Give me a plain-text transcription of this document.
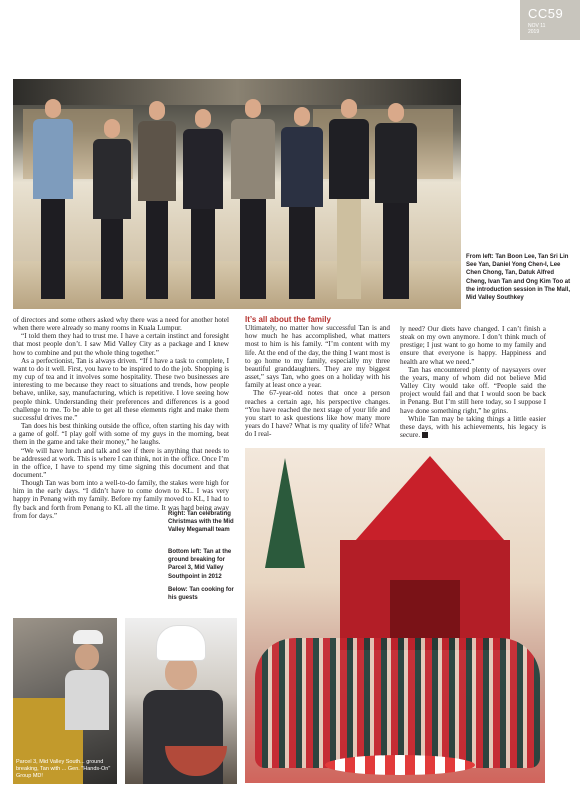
CC59
NOV 11
2019
From left: Tan Boon Lee, Tan Sri Lin See Yan, Daniel Yong Chen-I, Lee Chen Chong, Tan, Datuk Alfred Cheng, Ivan Tan and Ong Kim Too at the introduction session in The Mall, Mid Valley Southkey

of directors and some others asked why there was a need for another hotel when there were already so many rooms in Kuala Lumpur.

“I told them they had to trust me. I have a certain instinct and foresight that most people don’t. I saw Mid Valley City as a package and I knew how to combine and put the whole thing together.”

As a perfectionist, Tan is always driven. “If I have a task to complete, I want to do it well. First, you have to be inspired to do the job. Shopping is my cup of tea and it involves some hospitality. These two businesses are interesting to me because they react to situations and trends, how people behave, unlike, say, manufacturing, which is repetitive. I love seeing how people think. Understanding their preferences and differences is a good challenge to me. To be able to get all these elements right and make them successful drives me.”

Tan does his best thinking outside the office, often starting his day with a game of golf. “I play golf with some of my guys in the morning, beat them in the game and take their money,” he laughs.

“We will have lunch and talk and see if there is anything that needs to be addressed at work. This is where I can think, not in the office. Once I’m in the office, I have to spend my time signing this document and that document.”

Though Tan was born into a well-to-do family, the stakes were high for him in the early days. “I didn’t have to come down to KL. I was very happy in Penang with my family. Before my family moved to KL, I had to fly back and forth from Penang to KL all the time. It was hard being away from for days.”

It’s all about the family

Ultimately, no matter how successful Tan is and how much he has accomplished, what matters most to him is his family. “I’m content with my life. At the end of the day, the thing I want most is to go home to my family, especially my three beautiful granddaughters. They are my biggest asset,” says Tan, who goes on a holiday with his family at least once a year.

The 67-year-old notes that once a person reaches a certain age, his perspective changes. “You have reached the next stage of your life and you start to ask questions like how many more years do I have? What is my quality of life? What do I real-

ly need? Our diets have changed. I can’t finish a steak on my own anymore. I don’t think much of prestige; I just want to go home to my family and ensure that everyone is happy. Happiness and health are what we need.”

Tan has encountered plenty of naysayers over the years, many of whom did not believe Mid Valley City would take off. “People said the project would fail and that I would soon be back in Penang. But I’m still here today, so I suppose I have done something right,” he grins.

While Tan may be taking things a little easier these days, with his achievements, his legacy is secure. E

Right: Tan celebrating Christmas with the Mid Valley Megamall team
Bottom left: Tan at the ground breaking for Parcel 3, Mid Valley Southpoint in 2012
Below: Tan cooking for his guests
Parcel 3, Mid Valley South... ground breaking, Tan with ... Gen. "Hands-On" Group MD!
